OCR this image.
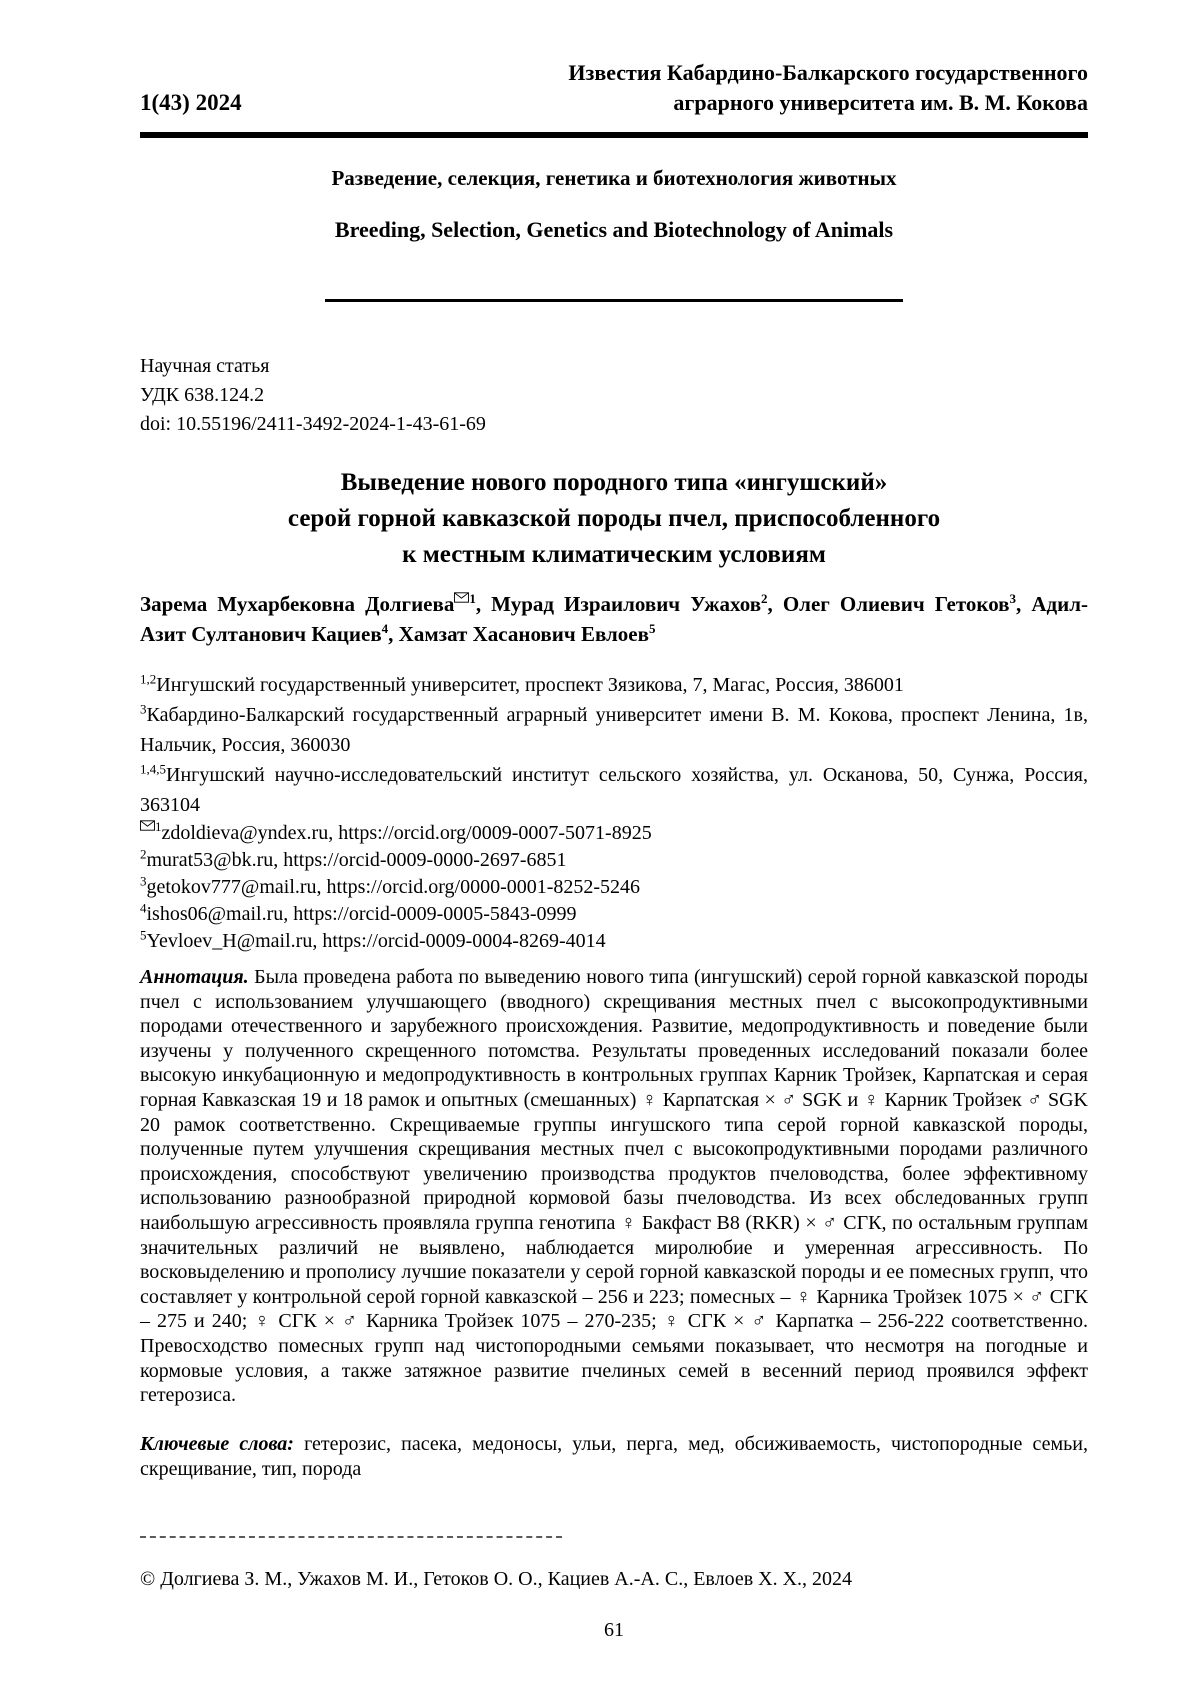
1(43) 2024
Известия Кабардино-Балкарского государственного
аграрного университета им. В. М. Кокова
Разведение, селекция, генетика и биотехнология животных
Breeding, Selection, Genetics and Biotechnology of Animals
Научная статья
УДК 638.124.2
doi: 10.55196/2411-3492-2024-1-43-61-69
Выведение нового породного типа «ингушский»
серой горной кавказской породы пчел, приспособленного
к местным климатическим условиям

Зарема Мухарбековна Долгиева $^1$, Мурад Израилович Ужахов$^2$, Олег Олиевич Гетоков$^3$, Адил-Азит Султанович Кациев$^4$, Хамзат Хасанович Евлоев$^5$

$^{1,2}$Ингушский государственный университет, проспект Зязикова, 7, Магас, Россия, 386001

$^3$Кабардино-Балкарский государственный аграрный университет имени В. М. Кокова, проспект Ленина, 1в, Нальчик, Россия, 360030

$^{1,4,5}$Ингушский научно-исследовательский институт сельского хозяйства, ул. Осканова, 50, Сунжа, Россия, 363104

$^1$zdoldieva@yndex.ru, https://orcid.org/0009-0007-5071-8925
$^2$murat53@bk.ru, https://orcid-0009-0000-2697-6851
$^3$getokov777@mail.ru, https://orcid.org/0000-0001-8252-5246
$^4$ishos06@mail.ru, https://orcid-0009-0005-5843-0999
$^5$Yevloev_H@mail.ru, https://orcid-0009-0004-8269-4014

Аннотация. Была проведена работа по выведению нового типа (ингушский) серой горной кавказской породы пчел с использованием улучшающего (вводного) скрещивания местных пчел с высокопродуктивными породами отечественного и зарубежного происхождения. Развитие, медопродуктивность и поведение были изучены у полученного скрещенного потомства. Результаты проведенных исследований показали более высокую инкубационную и медопродуктивность в контрольных группах Карник Тройзек, Карпатская и серая горная Кавказская 19 и 18 рамок и опытных (смешанных) ♀ Карпатская × ♂ SGK и ♀ Карник Тройзек ♂ SGK 20 рамок соответственно. Скрещиваемые группы ингушского типа серой горной кавказской породы, полученные путем улучшения скрещивания местных пчел с высокопродуктивными породами различного происхождения, способствуют увеличению производства продуктов пчеловодства, более эффективному использованию разнообразной природной кормовой базы пчеловодства. Из всех обследованных групп наибольшую агрессивность проявляла группа генотипа ♀ Бакфаст В8 (RKR) × ♂ СГК, по остальным группам значительных различий не выявлено, наблюдается миролюбие и умеренная агрессивность. По восковыделению и прополису лучшие показатели у серой горной кавказской породы и ее помесных групп, что составляет у контрольной серой горной кавказской – 256 и 223; помесных – ♀ Карника Тройзек 1075 × ♂ СГК – 275 и 240; ♀ СГК × ♂ Карника Тройзек 1075 – 270-235; ♀ СГК × ♂ Карпатка – 256-222 соответственно. Превосходство помесных групп над чистопородными семьями показывает, что несмотря на погодные и кормовые условия, а также затяжное развитие пчелиных семей в весенний период проявился эффект гетерозиса.

Ключевые слова: гетерозис, пасека, медоносы, ульи, перга, мед, обсиживаемость, чистопородные семьи, скрещивание, тип, порода

© Долгиева З. М., Ужахов М. И., Гетоков О. О., Кациев А.-А. С., Евлоев Х. Х., 2024
61
